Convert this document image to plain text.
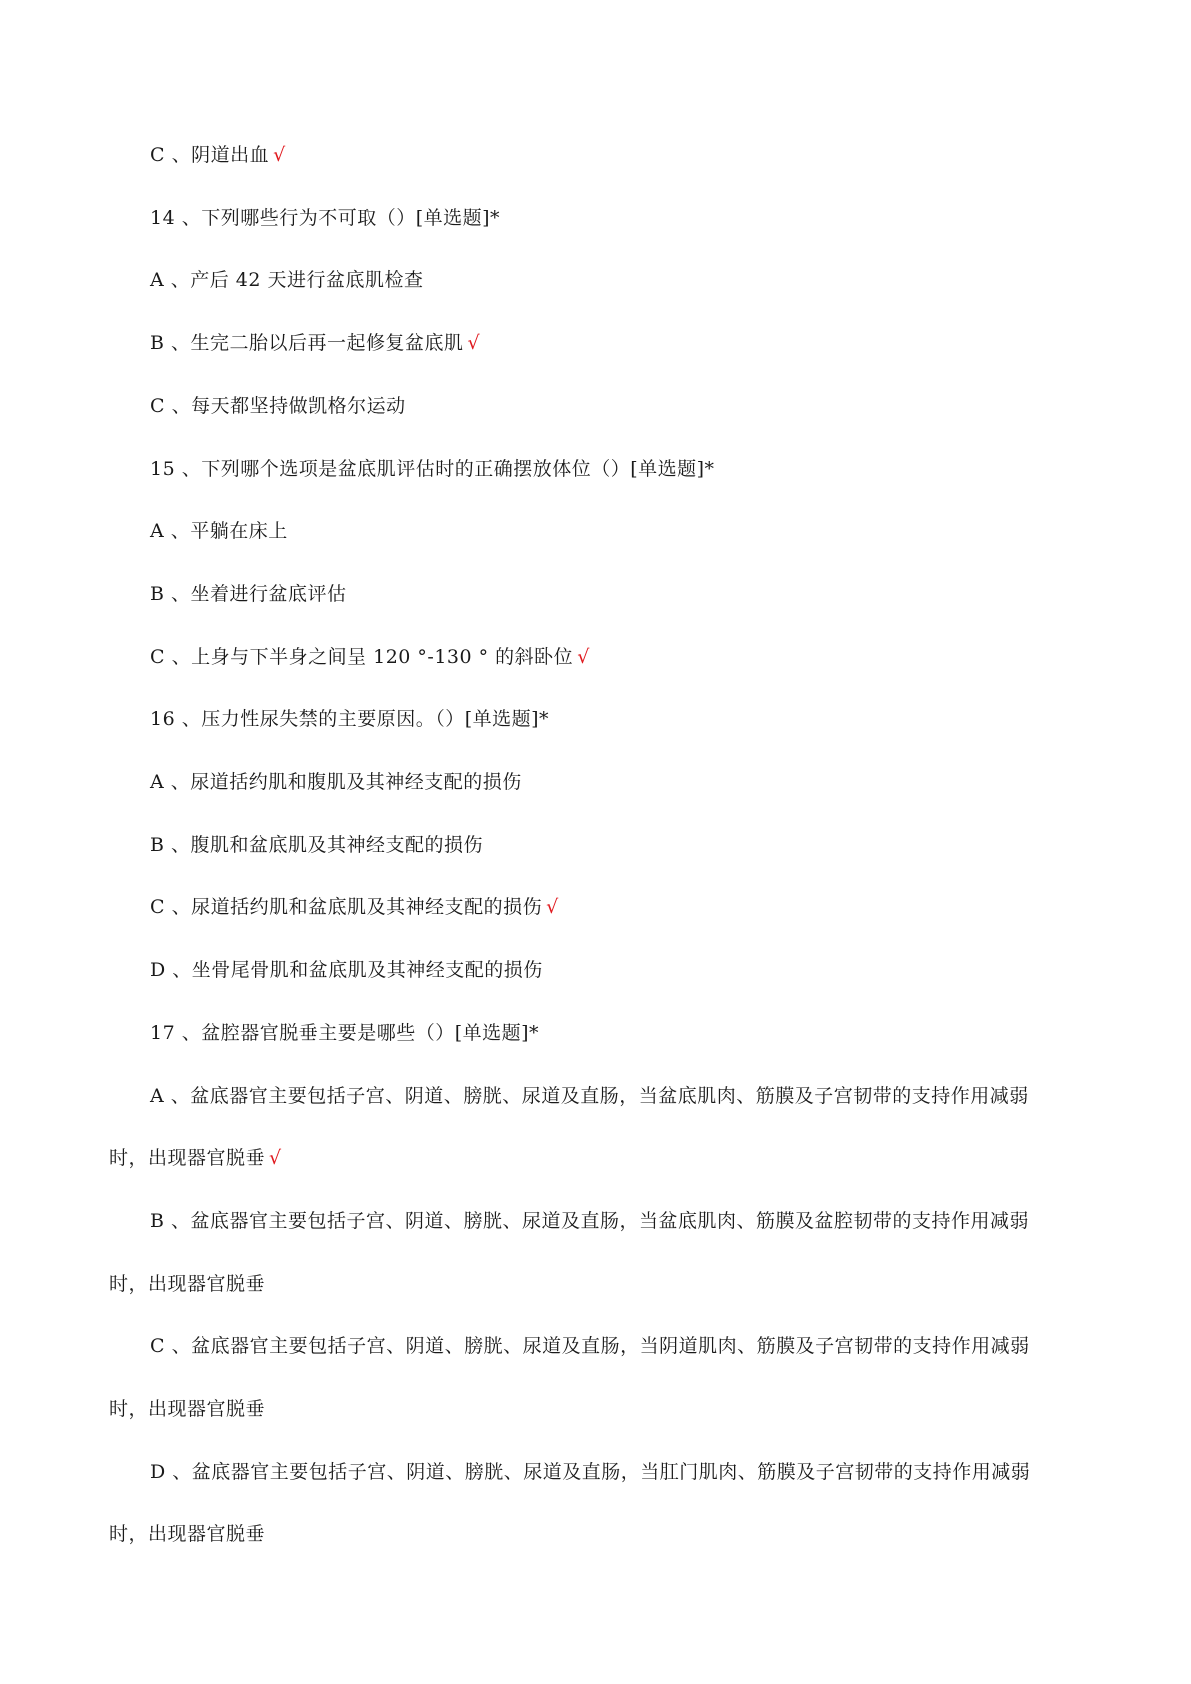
C 、阴道出血 √
14 、下列哪些行为不可取（）[单选题]*
A 、产后 42 天进行盆底肌检查
B 、生完二胎以后再一起修复盆底肌 √
C 、每天都坚持做凯格尔运动
15 、下列哪个选项是盆底肌评估时的正确摆放体位（）[单选题]*
A 、平躺在床上
B 、坐着进行盆底评估
C 、上身与下半身之间呈 120 °-130 ° 的斜卧位 √
16 、压力性尿失禁的主要原因。（）[单选题]*
A 、尿道括约肌和腹肌及其神经支配的损伤
B 、腹肌和盆底肌及其神经支配的损伤
C 、尿道括约肌和盆底肌及其神经支配的损伤 √
D 、坐骨尾骨肌和盆底肌及其神经支配的损伤
17 、盆腔器官脱垂主要是哪些（）[单选题]*
A 、盆底器官主要包括子宫、阴道、膀胱、尿道及直肠，当盆底肌肉、筋膜及子宫韧带的支持作用减弱
时，出现器官脱垂 √
B 、盆底器官主要包括子宫、阴道、膀胱、尿道及直肠，当盆底肌肉、筋膜及盆腔韧带的支持作用减弱
时，出现器官脱垂
C 、盆底器官主要包括子宫、阴道、膀胱、尿道及直肠，当阴道肌肉、筋膜及子宫韧带的支持作用减弱
时，出现器官脱垂
D 、盆底器官主要包括子宫、阴道、膀胱、尿道及直肠，当肛门肌肉、筋膜及子宫韧带的支持作用减弱
时，出现器官脱垂
